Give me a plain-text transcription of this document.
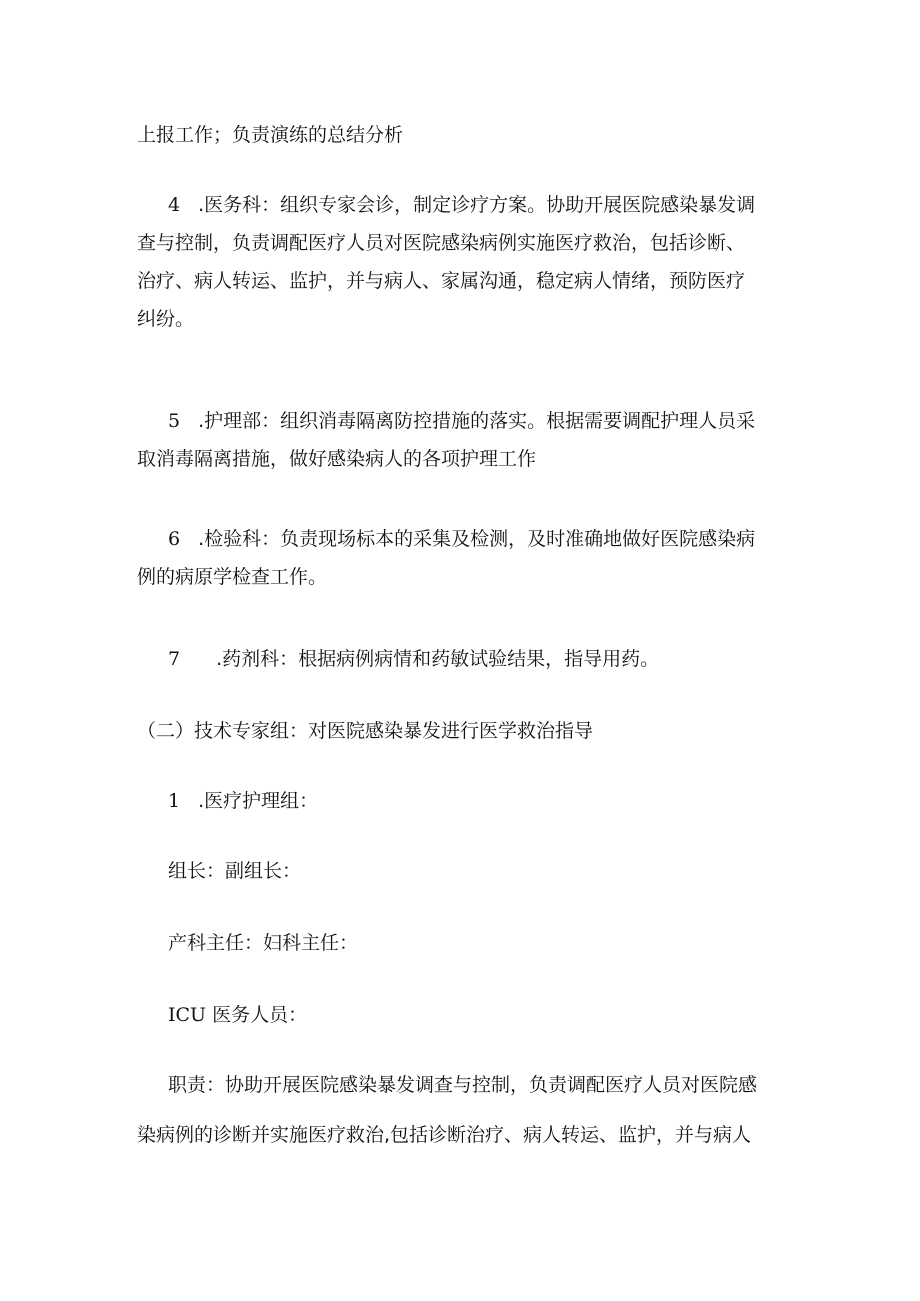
上报工作；负责演练的总结分析

4 .医务科：组织专家会诊，制定诊疗方案。协助开展医院感染暴发调

查与控制，负责调配医疗人员对医院感染病例实施医疗救治，包括诊断、
治疗、病人转运、监护，并与病人、家属沟通，稳定病人情绪，预防医疗
纠纷。

5 .护理部：组织消毒隔离防控措施的落实。根据需要调配护理人员采

取消毒隔离措施，做好感染病人的各项护理工作

6 .检验科：负责现场标本的采集及检测，及时准确地做好医院感染病

例的病原学检查工作。

7 .药剂科：根据病例病情和药敏试验结果，指导用药。

（二）技术专家组：对医院感染暴发进行医学救治指导

1 .医疗护理组：

组长：副组长：

产科主任：妇科主任：

ICU 医务人员：

职责：协助开展医院感染暴发调查与控制，负责调配医疗人员对医院感

染病例的诊断并实施医疗救治,包括诊断治疗、病人转运、监护，并与病人
